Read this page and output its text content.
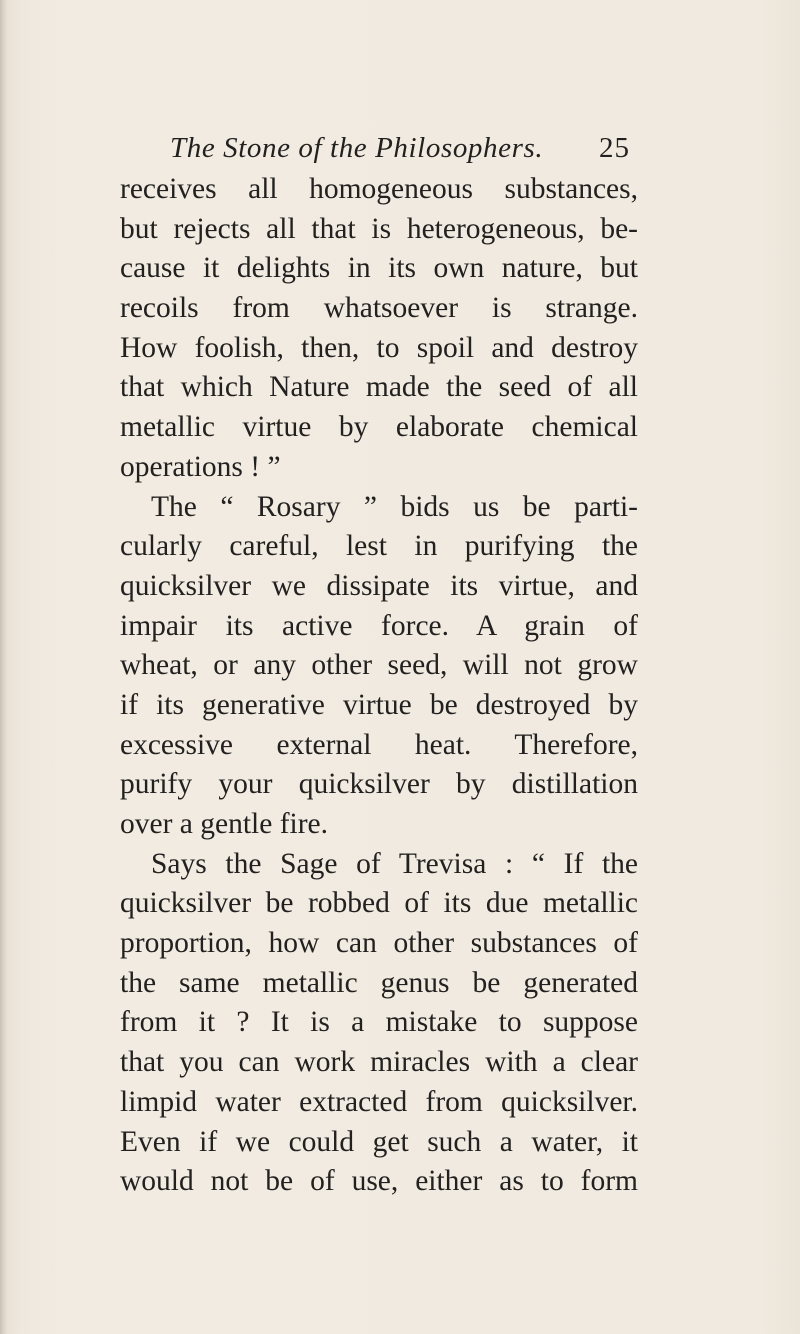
The Stone of the Philosophers. 25
receives all homogeneous substances,
but rejects all that is heterogeneous, be-
cause it delights in its own nature, but
recoils from whatsoever is strange.
How foolish, then, to spoil and destroy
that which Nature made the seed of all
metallic virtue by elaborate chemical
operations ! ”
The “ Rosary ” bids us be parti-
cularly careful, lest in purifying the
quicksilver we dissipate its virtue, and
impair its active force. A grain of
wheat, or any other seed, will not grow
if its generative virtue be destroyed by
excessive external heat. Therefore,
purify your quicksilver by distillation
over a gentle fire.
Says the Sage of Trevisa : “ If the
quicksilver be robbed of its due metallic
proportion, how can other substances of
the same metallic genus be generated
from it ? It is a mistake to suppose
that you can work miracles with a clear
limpid water extracted from quicksilver.
Even if we could get such a water, it
would not be of use, either as to form
